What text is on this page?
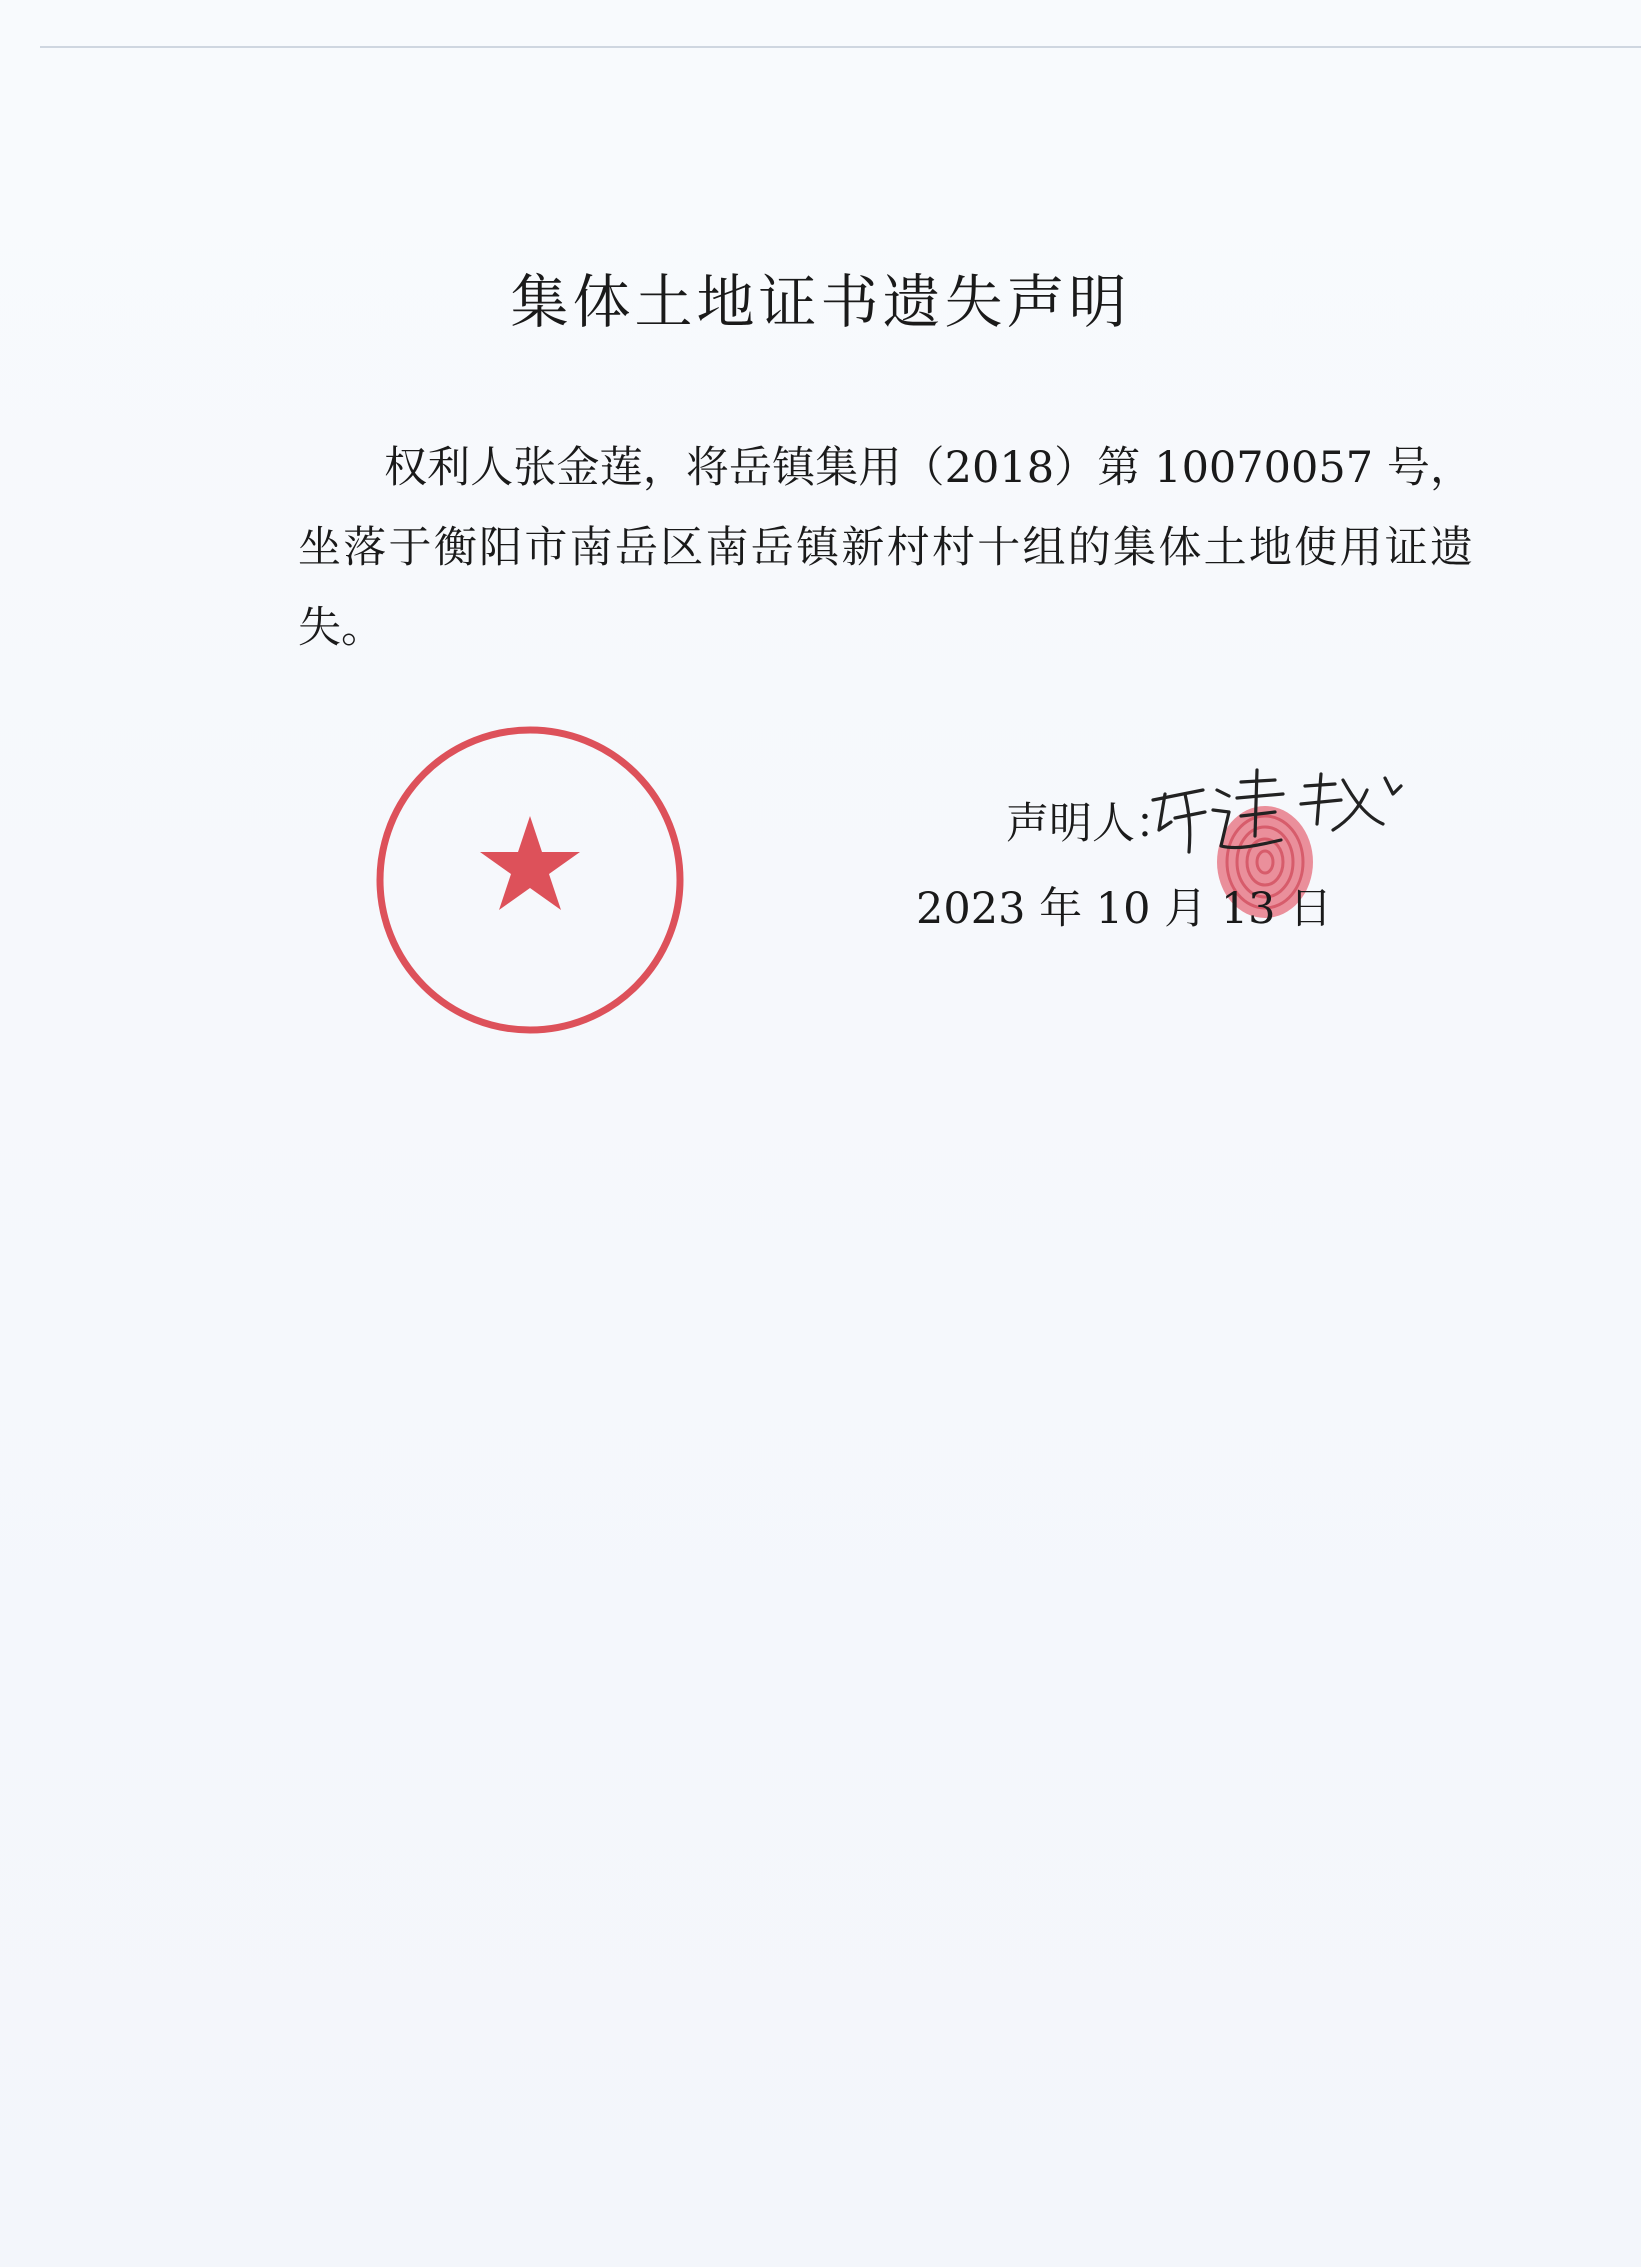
集体土地证书遗失声明

权利人张金莲，将岳镇集用（2018）第 10070057 号，坐落于衡阳市南岳区南岳镇新村村十组的集体土地使用证遗失。

声明人：
2023 年 10 月 13 日
